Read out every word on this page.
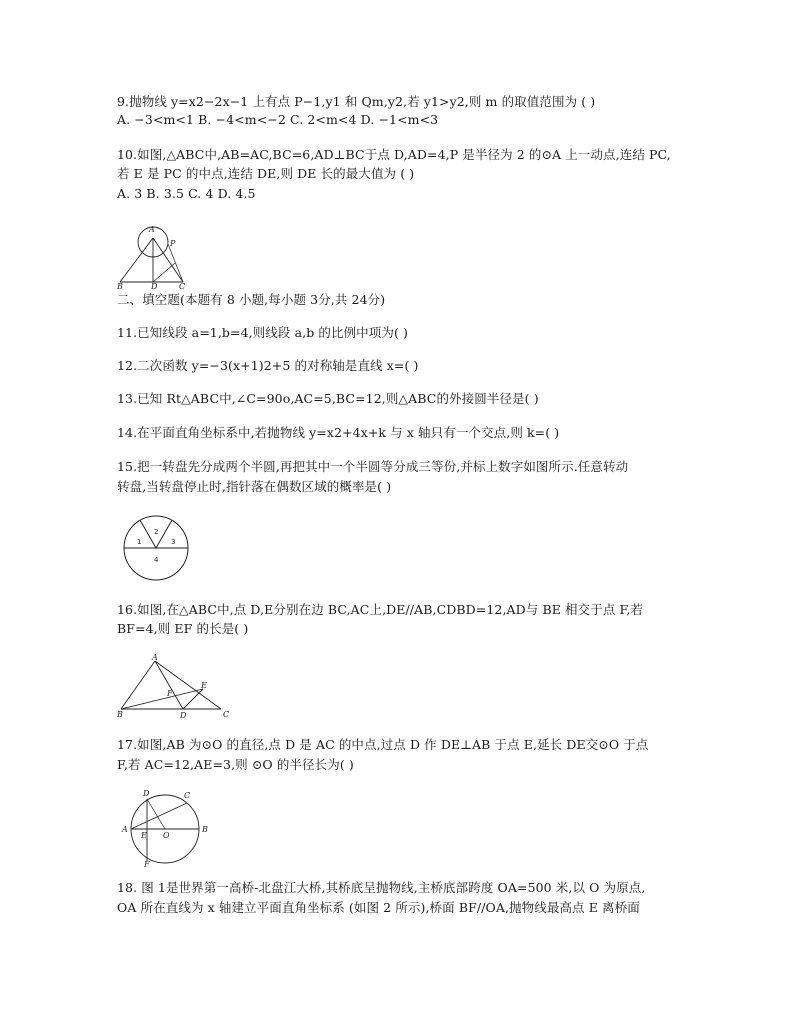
9.抛物线 y=x2−2x−1 上有点 P−1,y1 和 Qm,y2,若 y1>y2,则 m 的取值范围为 ( )
A. −3<m<1 B. −4<m<−2 C. 2<m<4 D. −1<m<3
10.如图,△ABC中,AB=AC,BC=6,AD⊥BC于点 D,AD=4,P 是半径为 2 的⊙A 上一动点,连结 PC,
若 E 是 PC 的中点,连结 DE,则 DE 长的最大值为 ( )
A. 3 B. 3.5 C. 4 D. 4.5
A
P
B	D	C
二、填空题(本题有 8 小题,每小题 3分,共 24分)
11.已知线段 a=1,b=4,则线段 a,b 的比例中项为( )
12.二次函数 y=−3(x+1)2+5 的对称轴是直线 x=( )
13.已知 Rt△ABC中,∠C=90o,AC=5,BC=12,则△ABC的外接圆半径是( )
14.在平面直角坐标系中,若抛物线 y=x2+4x+k 与 x 轴只有一个交点,则 k=( )
15.把一转盘先分成两个半圆,再把其中一个半圆等分成三等份,并标上数字如图所示.任意转动
转盘,当转盘停止时,指针落在偶数区域的概率是( )
1
2
3
4
16.如图,在△ABC中,点 D,E分别在边 BC,AC上,DE//AB,CDBD=12,AD与 BE 相交于点 F,若
BF=4,则 EF 的长是( )
A
F
E
B	D	C
17.如图,AB 为⊙O 的直径,点 D 是 AC 的中点,过点 D 作 DE⊥AB 于点 E,延长 DE交⊙O 于点
F,若 AC=12,AE=3,则 ⊙O 的半径长为( )
D	C
A
E O
B
F
18. 图 1是世界第一高桥-北盘江大桥,其桥底呈抛物线,主桥底部跨度 OA=500 米,以 O 为原点,
OA 所在直线为 x 轴建立平面直角坐标系 (如图 2 所示),桥面 BF//OA,抛物线最高点 E 离桥面
